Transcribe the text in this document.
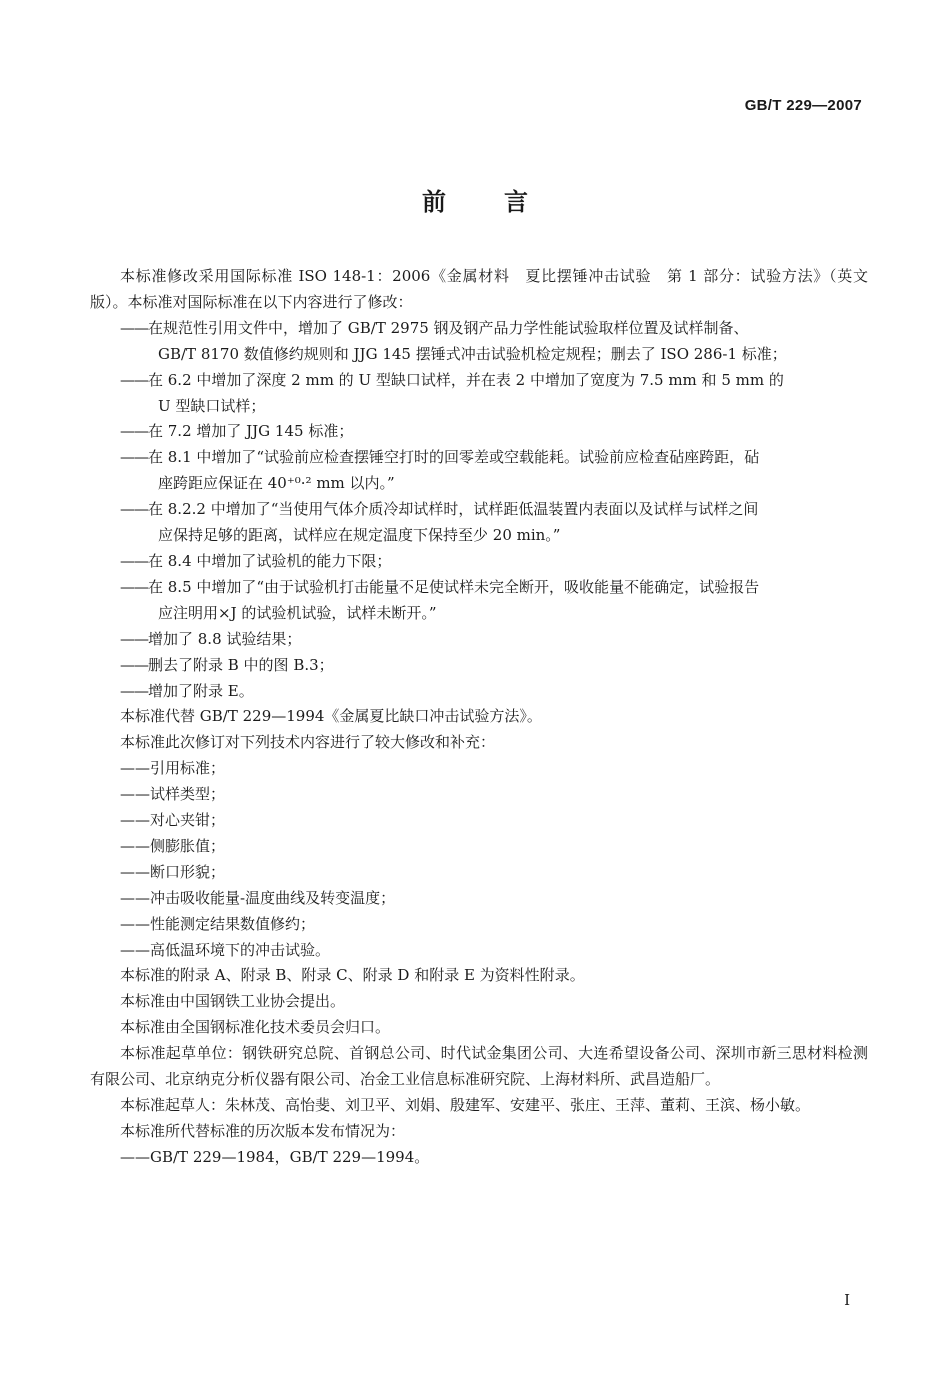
GB/T 229—2007
前言

本标准修改采用国际标准 ISO 148-1：2006《金属材料　夏比摆锤冲击试验　第 1 部分：试验方法》（英文版）。本标准对国际标准在以下内容进行了修改：

——在规范性引用文件中，增加了 GB/T 2975 钢及钢产品力学性能试验取样位置及试样制备、
GB/T 8170 数值修约规则和 JJG 145 摆锤式冲击试验机检定规程；删去了 ISO 286-1 标准；

——在 6.2 中增加了深度 2 mm 的 U 型缺口试样，并在表 2 中增加了宽度为 7.5 mm 和 5 mm 的
U 型缺口试样；

——在 7.2 增加了 JJG 145 标准；

——在 8.1 中增加了“试验前应检查摆锤空打时的回零差或空载能耗。试验前应检查砧座跨距，砧
座跨距应保证在 40⁺⁰·² mm 以内。”

——在 8.2.2 中增加了“当使用气体介质冷却试样时，试样距低温装置内表面以及试样与试样之间
应保持足够的距离，试样应在规定温度下保持至少 20 min。”

——在 8.4 中增加了试验机的能力下限；

——在 8.5 中增加了“由于试验机打击能量不足使试样未完全断开，吸收能量不能确定，试验报告
应注明用×J 的试验机试验，试样未断开。”

——增加了 8.8 试验结果；

——删去了附录 B 中的图 B.3；

——增加了附录 E。

本标准代替 GB/T 229—1994《金属夏比缺口冲击试验方法》。

本标准此次修订对下列技术内容进行了较大修改和补充：

——引用标准；

——试样类型；

——对心夹钳；

——侧膨胀值；

——断口形貌；

——冲击吸收能量-温度曲线及转变温度；

——性能测定结果数值修约；

——高低温环境下的冲击试验。

本标准的附录 A、附录 B、附录 C、附录 D 和附录 E 为资料性附录。

本标准由中国钢铁工业协会提出。

本标准由全国钢标准化技术委员会归口。

本标准起草单位：钢铁研究总院、首钢总公司、时代试金集团公司、大连希望设备公司、深圳市新三思材料检测有限公司、北京纳克分析仪器有限公司、冶金工业信息标准研究院、上海材料所、武昌造船厂。

本标准起草人：朱林茂、高怡斐、刘卫平、刘娟、殷建军、安建平、张庄、王萍、董莉、王滨、杨小敏。

本标准所代替标准的历次版本发布情况为：

——GB/T 229—1984，GB/T 229—1994。

I
